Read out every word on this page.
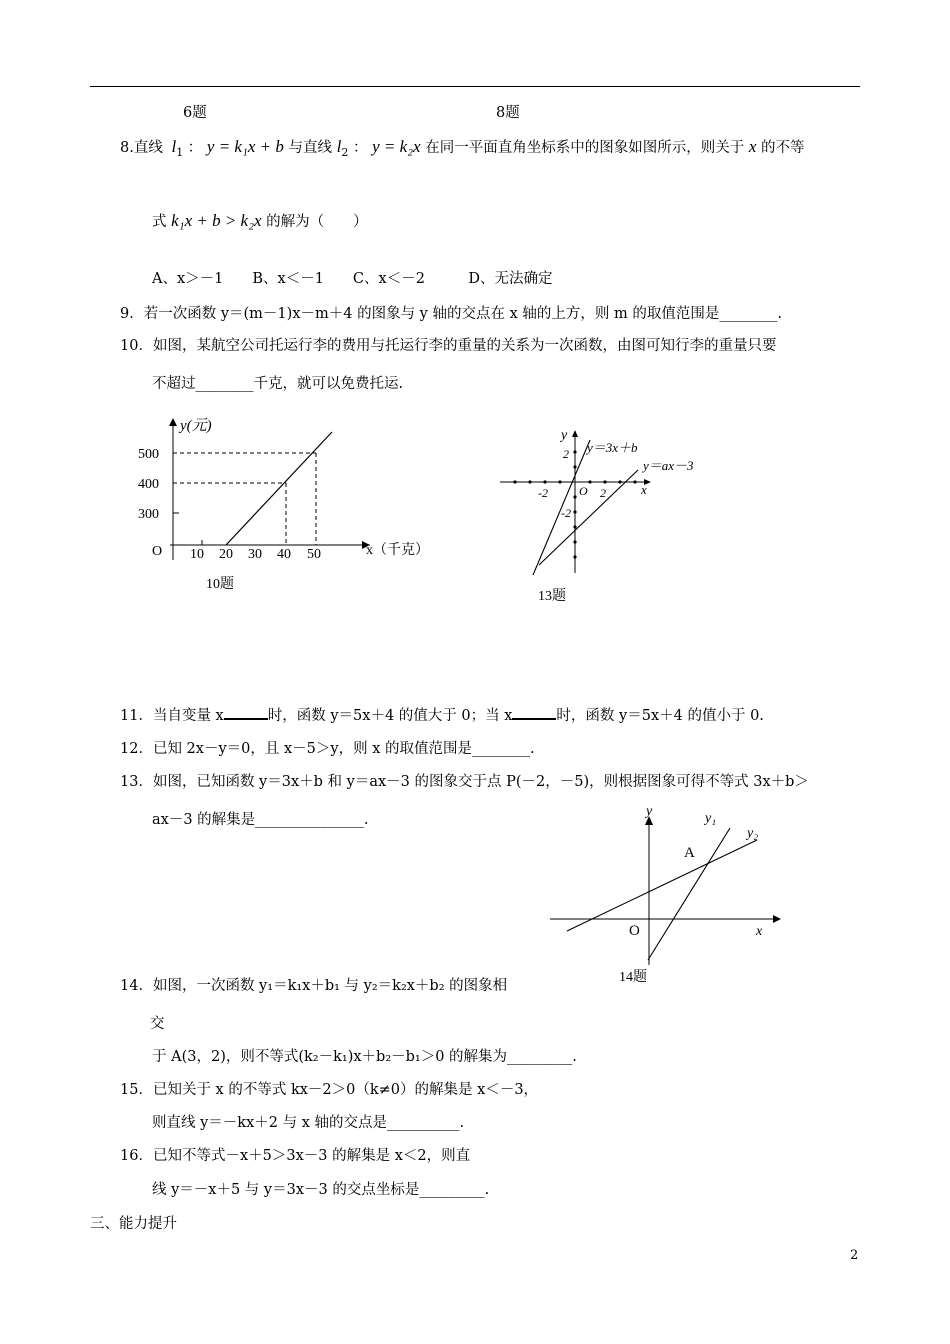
6题	8题
8.直线 $l_1$ ： y = k₁x + b 与直线 $l_2$ ： y = k₂x 在同一平面直角坐标系中的图象如图所示，则关于 x 的不等
式 k₁x + b > k₂x 的解为（　　）
A、x＞－1　　B、x＜－1　　C、x＜－2　　　D、无法确定
9．若一次函数 y＝(m－1)x－m＋4 的图象与 y 轴的交点在 x 轴的上方，则 m 的取值范围是________.
10．如图，某航空公司托运行李的费用与托运行李的重量的关系为一次函数，由图可知行李的重量只要
不超过________千克，就可以免费托运.
y(元)
500
400
300
O 10 20 30 40 50	x（千克）
10题
y
y＝3x＋b
y＝ax－3
2
-2	O 2
-2
x
13题
11．当自变量 x	时，函数 y＝5x＋4 的值大于 0；当 x	时，函数 y＝5x＋4 的值小于 0.
12．已知 2x－y＝0，且 x－5＞y，则 x 的取值范围是________.
13．如图，已知函数 y＝3x＋b 和 y＝ax－3 的图象交于点 P(－2，－5)，则根据图象可得不等式 3x＋b＞
ax－3 的解集是_______________.
y	y₁
y₂
A
O	x
14题
14．如图，一次函数 y₁＝k₁x＋b₁ 与 y₂＝k₂x＋b₂ 的图象相
交
于 A(3，2)，则不等式(k₂－k₁)x＋b₂－b₁＞0 的解集为_________.
15．已知关于 x 的不等式 kx－2＞0（k≠0）的解集是 x＜－3，
则直线 y＝－kx＋2 与 x 轴的交点是__________.
16．已知不等式－x＋5＞3x－3 的解集是 x＜2，则直
线 y＝－x＋5 与 y＝3x－3 的交点坐标是_________.
三、能力提升
2
